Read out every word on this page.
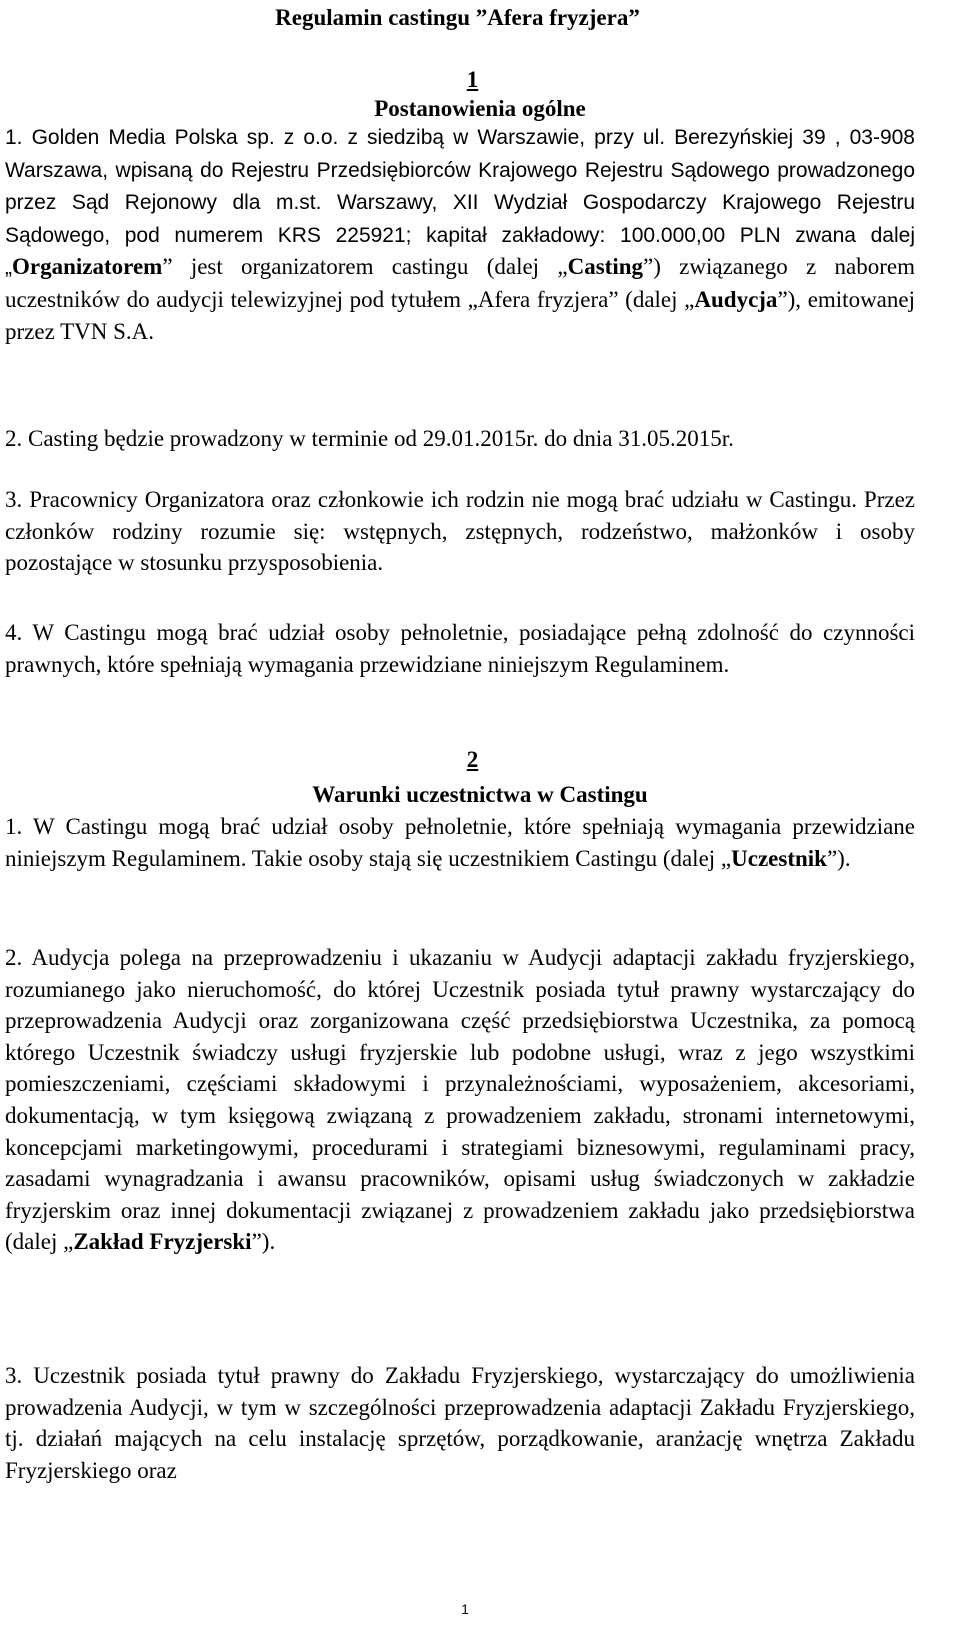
Regulamin castingu ”Afera fryzjera”
1
Postanowienia ogólne

1. Golden Media Polska sp. z o.o. z siedzibą w Warszawie, przy ul. Berezyńskiej 39 , 03-908 Warszawa, wpisaną do Rejestru Przedsiębiorców Krajowego Rejestru Sądowego prowadzonego przez Sąd Rejonowy dla m.st. Warszawy, XII Wydział Gospodarczy Krajowego Rejestru Sądowego, pod numerem KRS 225921; kapitał zakładowy: 100.000,00 PLN zwana dalej „Organizatorem” jest organizatorem castingu (dalej „Casting”) związanego z naborem uczestników do audycji telewizyjnej pod tytułem „Afera fryzjera” (dalej „Audycja”), emitowanej przez TVN S.A.

2. Casting będzie prowadzony w terminie od 29.01.2015r. do dnia 31.05.2015r.

3. Pracownicy Organizatora oraz członkowie ich rodzin nie mogą brać udziału w Castingu. Przez członków rodziny rozumie się: wstępnych, zstępnych, rodzeństwo, małżonków i osoby pozostające w stosunku przysposobienia.

4. W Castingu mogą brać udział osoby pełnoletnie, posiadające pełną zdolność do czynności prawnych, które spełniają wymagania przewidziane niniejszym Regulaminem.

2
Warunki uczestnictwa w Castingu

1. W Castingu mogą brać udział osoby pełnoletnie, które spełniają wymagania przewidziane niniejszym Regulaminem. Takie osoby stają się uczestnikiem Castingu (dalej „Uczestnik”).

2. Audycja polega na przeprowadzeniu i ukazaniu w Audycji adaptacji zakładu fryzjerskiego, rozumianego jako nieruchomość, do której Uczestnik posiada tytuł prawny wystarczający do przeprowadzenia Audycji oraz zorganizowana część przedsiębiorstwa Uczestnika, za pomocą którego Uczestnik świadczy usługi fryzjerskie lub podobne usługi, wraz z jego wszystkimi pomieszczeniami, częściami składowymi i przynależnościami, wyposażeniem, akcesoriami, dokumentacją, w tym księgową związaną z prowadzeniem zakładu, stronami internetowymi, koncepcjami marketingowymi, procedurami i strategiami biznesowymi, regulaminami pracy, zasadami wynagradzania i awansu pracowników, opisami usług świadczonych w zakładzie fryzjerskim oraz innej dokumentacji związanej z prowadzeniem zakładu jako przedsiębiorstwa (dalej „Zakład Fryzjerski”).

3. Uczestnik posiada tytuł prawny do Zakładu Fryzjerskiego, wystarczający do umożliwienia prowadzenia Audycji, w tym w szczególności przeprowadzenia adaptacji Zakładu Fryzjerskiego, tj. działań mających na celu instalację sprzętów, porządkowanie, aranżację wnętrza Zakładu Fryzjerskiego oraz

1
